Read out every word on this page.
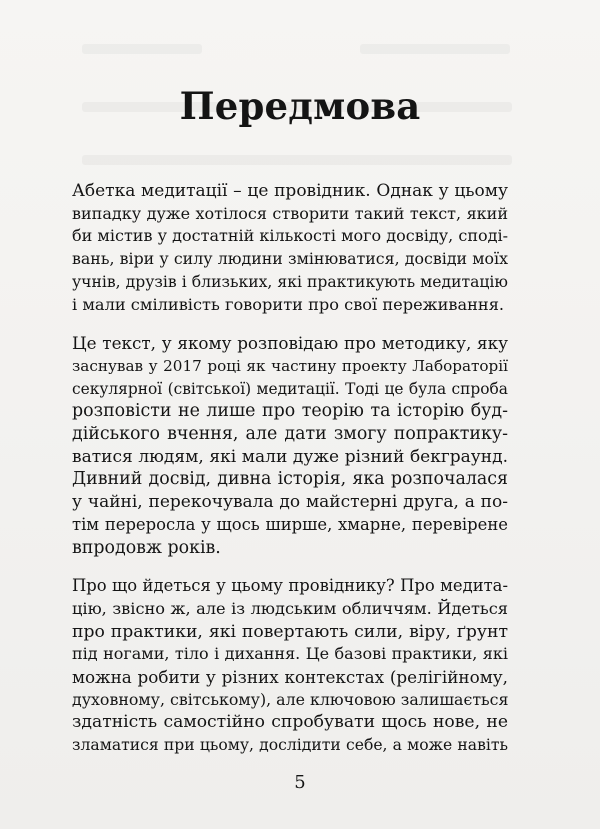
Передмова

Абетка медитації – це провідник. Однак у цьому
випадку дуже хотілося створити такий текст, який
би містив у достатній кількості мого досвіду, споді-
вань, віри у силу людини змінюватися, досвіди моїх
учнів, друзів і близьких, які практикують медитацію
і мали сміливість говорити про свої переживання.

Це текст, у якому розповідаю про методику, яку
заснував у 2017 році як частину проекту Лабораторії
секулярної (світської) медитації. Тоді це була спроба
розповісти не лише про теорію та історію буд-
дійського вчення, але дати змогу попрактику-
ватися людям, які мали дуже різний бекграунд.
Дивний досвід, дивна історія, яка розпочалася
у чайні, перекочувала до майстерні друга, а по-
тім переросла у щось ширше, хмарне, перевірене
впродовж років.

Про що йдеться у цьому провіднику? Про медита-
цію, звісно ж, але із людським обличчям. Йдеться
про практики, які повертають сили, віру, ґрунт
під ногами, тіло і дихання. Це базові практики, які
можна робити у різних контекстах (релігійному,
духовному, світському), але ключовою залишається
здатність самостійно спробувати щось нове, не
зламатися при цьому, дослідити себе, а може навіть

5
